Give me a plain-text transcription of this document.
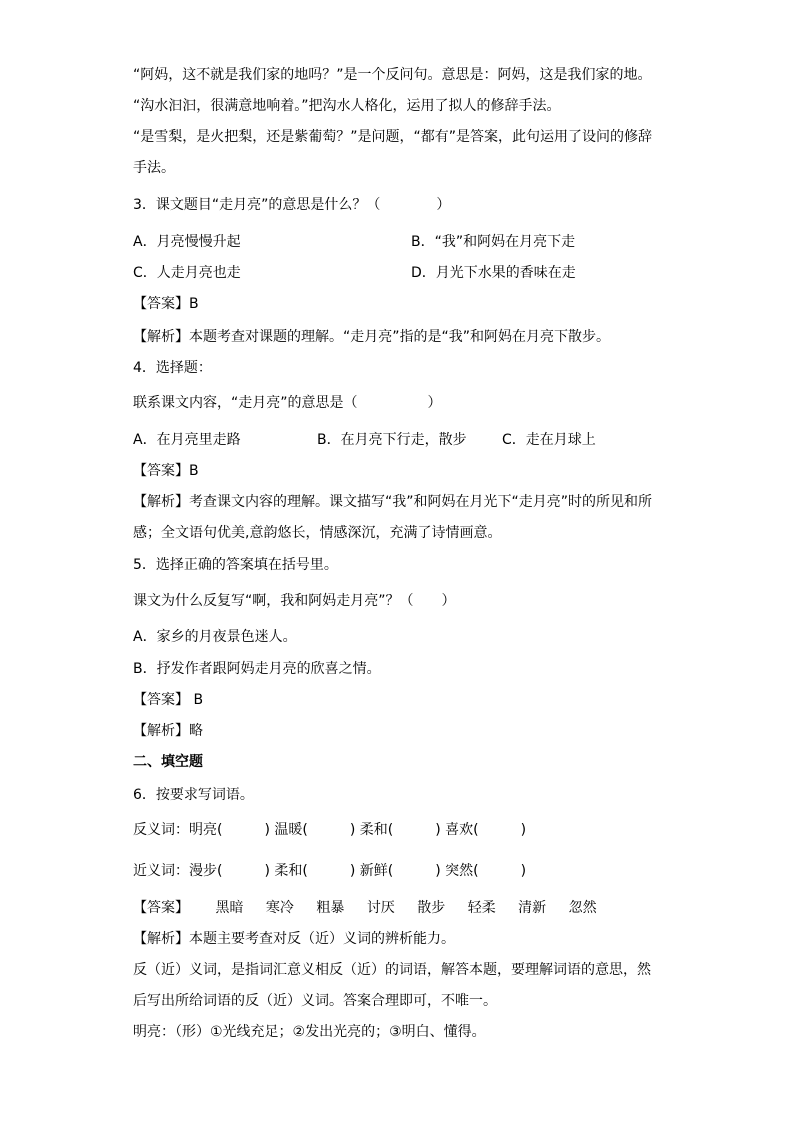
“阿妈，这不就是我们家的地吗？”是一个反问句。意思是：阿妈，这是我们家的地。
“沟水汩汩，很满意地响着。”把沟水人格化，运用了拟人的修辞手法。
“是雪梨，是火把梨，还是紫葡萄？”是问题，“都有”是答案，此句运用了设问的修辞
手法。
3．课文题目“走月亮”的意思是什么？（　　　　）
A．月亮慢慢升起	B．“我”和阿妈在月亮下走
C．人走月亮也走	D．月光下水果的香味在走
【答案】B
【解析】本题考查对课题的理解。“走月亮”指的是“我”和阿妈在月亮下散步。
4．选择题：
联系课文内容，“走月亮”的意思是（　　　　　）
A．在月亮里走路	B．在月亮下行走，散步	C．走在月球上
【答案】B
【解析】考查课文内容的理解。课文描写“我”和阿妈在月光下“走月亮”时的所见和所
感；全文语句优美,意韵悠长，情感深沉，充满了诗情画意。
5．选择正确的答案填在括号里。
课文为什么反复写“啊，我和阿妈走月亮”？（　　）
A．家乡的月夜景色迷人。
B．抒发作者跟阿妈走月亮的欣喜之情。
【答案】 B
【解析】略
二、填空题
6．按要求写词语。
反义词：明亮(　　　) 温暖(　　　) 柔和(　　　) 喜欢(　　　)
近义词：漫步(　　　) 柔和(　　　) 新鲜(　　　) 突然(　　　)
【答案】 黑暗 寒冷 粗暴 讨厌 散步 轻柔 清新 忽然
【解析】本题主要考查对反（近）义词的辨析能力。
反（近）义词，是指词汇意义相反（近）的词语，解答本题，要理解词语的意思，然
后写出所给词语的反（近）义词。答案合理即可，不唯一。
明亮：（形）①光线充足；②发出光亮的；③明白、懂得。
